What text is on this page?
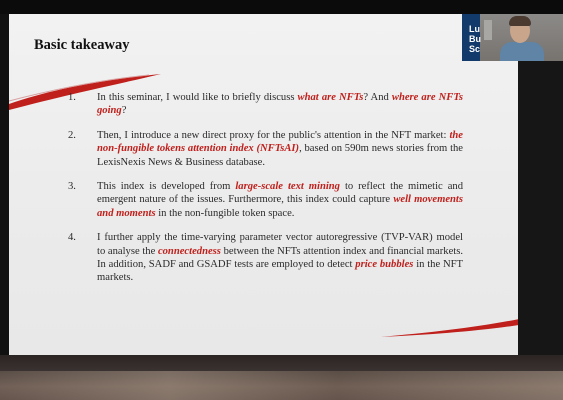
Basic takeaway
1. In this seminar, I would like to briefly discuss what are NFTs? And where are NFTs going?
2. Then, I introduce a new direct proxy for the public's attention in the NFT market: the non-fungible tokens attention index (NFTsAI), based on 590m news stories from the LexisNexis News & Business database.
3. This index is developed from large-scale text mining to reflect the mimetic and emergent nature of the issues. Furthermore, this index could capture well movements and moments in the non-fungible token space.
4. I further apply the time-varying parameter vector autoregressive (TVP-VAR) model to analyse the connectedness between the NFTs attention index and financial markets. In addition, SADF and GSADF tests are employed to detect price bubbles in the NFT markets.
Lu
Bu
Sc
